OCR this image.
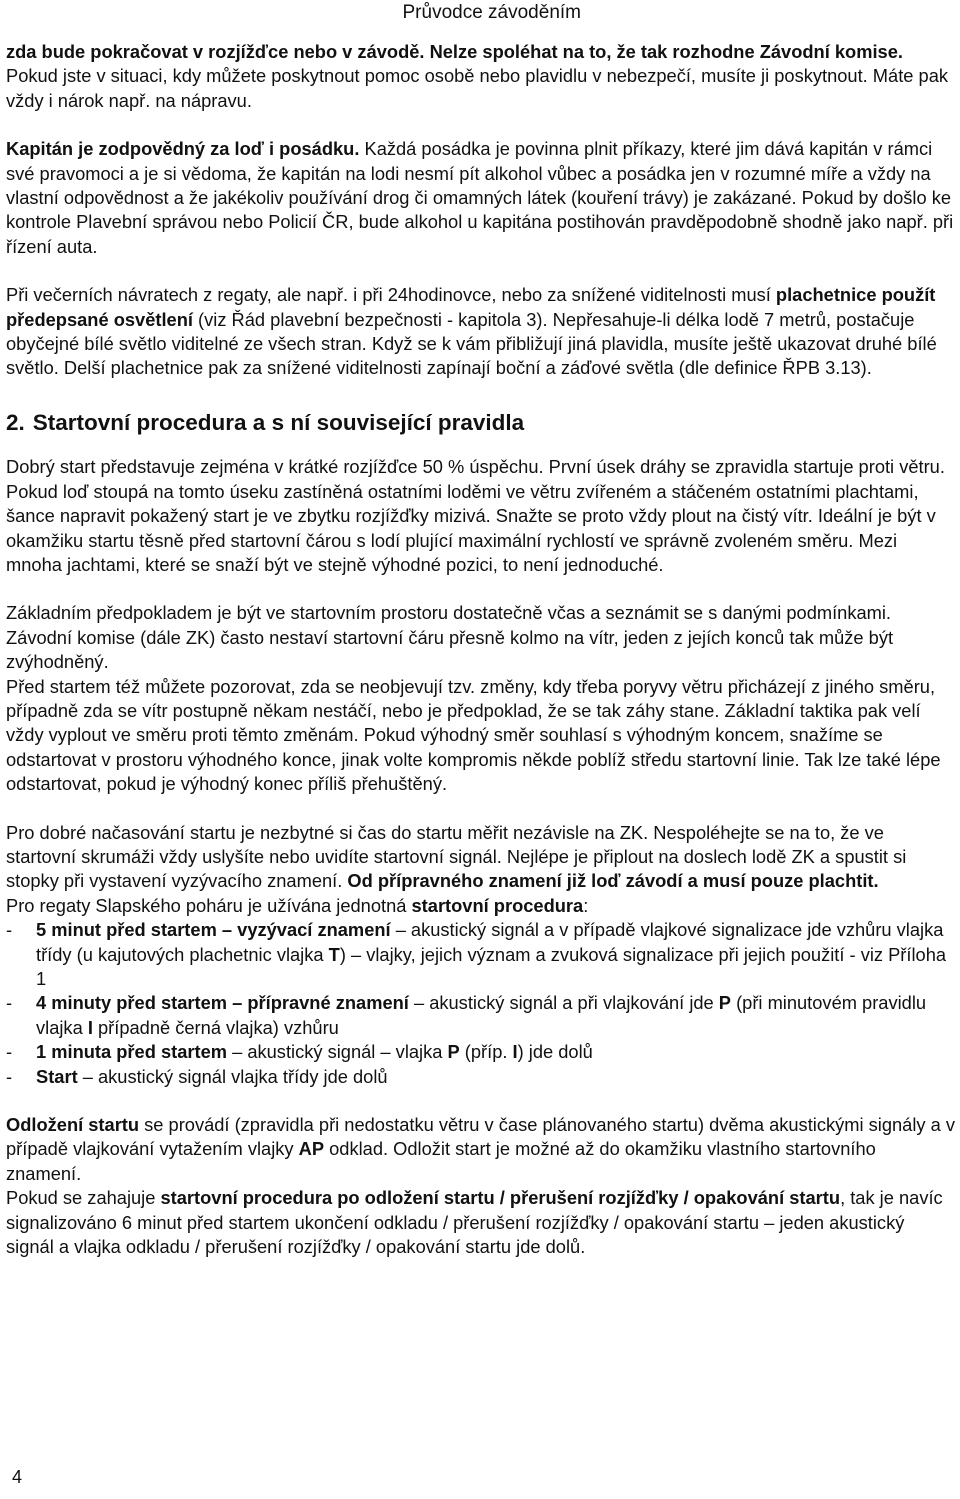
Průvodce závoděním

zda bude pokračovat v rozjížďce nebo v závodě. Nelze spoléhat na to, že tak rozhodne Závodní komise. Pokud jste v situaci, kdy můžete poskytnout pomoc osobě nebo plavidlu v nebezpečí, musíte ji poskytnout. Máte pak vždy i nárok např. na nápravu.

Kapitán je zodpovědný za loď i posádku. Každá posádka je povinna plnit příkazy, které jim dává kapitán v rámci své pravomoci a je si vědoma, že kapitán na lodi nesmí pít alkohol vůbec a posádka jen v rozumné míře a vždy na vlastní odpovědnost a že jakékoliv používání drog či omamných látek (kouření trávy) je zakázané. Pokud by došlo ke kontrole Plavební správou nebo Policií ČR, bude alkohol u kapitána postihován pravděpodobně shodně jako např. při řízení auta.

Při večerních návratech z regaty, ale např. i při 24hodinovce, nebo za snížené viditelnosti musí plachetnice použít předepsané osvětlení (viz Řád plavební bezpečnosti - kapitola 3). Nepřesahuje-li délka lodě 7 metrů, postačuje obyčejné bílé světlo viditelné ze všech stran. Když se k vám přibližují jiná plavidla, musíte ještě ukazovat druhé bílé světlo. Delší plachetnice pak za snížené viditelnosti zapínají boční a záďové světla (dle definice ŘPB 3.13).

2. Startovní procedura a s ní související pravidla

Dobrý start představuje zejména v krátké rozjížďce 50 % úspěchu. První úsek dráhy se zpravidla startuje proti větru. Pokud loď stoupá na tomto úseku zastíněná ostatními loděmi ve větru zvířeném a stáčeném ostatními plachtami, šance napravit pokažený start je ve zbytku rozjížďky mizivá. Snažte se proto vždy plout na čistý vítr. Ideální je být v okamžiku startu těsně před startovní čárou s lodí plující maximální rychlostí ve správně zvoleném směru. Mezi mnoha jachtami, které se snaží být ve stejně výhodné pozici, to není jednoduché.

Základním předpokladem je být ve startovním prostoru dostatečně včas a seznámit se s danými podmínkami. Závodní komise (dále ZK) často nestaví startovní čáru přesně kolmo na vítr, jeden z jejích konců tak může být zvýhodněný.

Před startem též můžete pozorovat, zda se neobjevují tzv. změny, kdy třeba poryvy větru přicházejí z jiného směru, případně zda se vítr postupně někam nestáčí, nebo je předpoklad, že se tak záhy stane. Základní taktika pak velí vždy vyplout ve směru proti těmto změnám. Pokud výhodný směr souhlasí s výhodným koncem, snažíme se odstartovat v prostoru výhodného konce, jinak volte kompromis někde poblíž středu startovní linie. Tak lze také lépe odstartovat, pokud je výhodný konec příliš přehuštěný.

Pro dobré načasování startu je nezbytné si čas do startu měřit nezávisle na ZK. Nespoléhejte se na to, že ve startovní skrumáži vždy uslyšíte nebo uvidíte startovní signál. Nejlépe je připlout na doslech lodě ZK a spustit si stopky při vystavení vyzývacího znamení. Od přípravného znamení již loď závodí a musí pouze plachtit.

Pro regaty Slapského poháru je užívána jednotná startovní procedura:

- 5 minut před startem – vyzývací znamení – akustický signál a v případě vlajkové signalizace jde vzhůru vlajka třídy (u kajutových plachetnic vlajka T) – vlajky, jejich význam a zvuková signalizace při jejich použití - viz Příloha 1

- 4 minuty před startem – přípravné znamení – akustický signál a při vlajkování jde P (při minutovém pravidlu vlajka I případně černá vlajka) vzhůru

- 1 minuta před startem – akustický signál – vlajka P (příp. I) jde dolů

- Start – akustický signál vlajka třídy jde dolů

Odložení startu se provádí (zpravidla při nedostatku větru v čase plánovaného startu) dvěma akustickými signály a v případě vlajkování vytažením vlajky AP odklad. Odložit start je možné až do okamžiku vlastního startovního znamení.

Pokud se zahajuje startovní procedura po odložení startu / přerušení rozjížďky / opakování startu, tak je navíc signalizováno 6 minut před startem ukončení odkladu / přerušení rozjížďky / opakování startu – jeden akustický signál a vlajka odkladu / přerušení rozjížďky / opakování startu jde dolů.

4
